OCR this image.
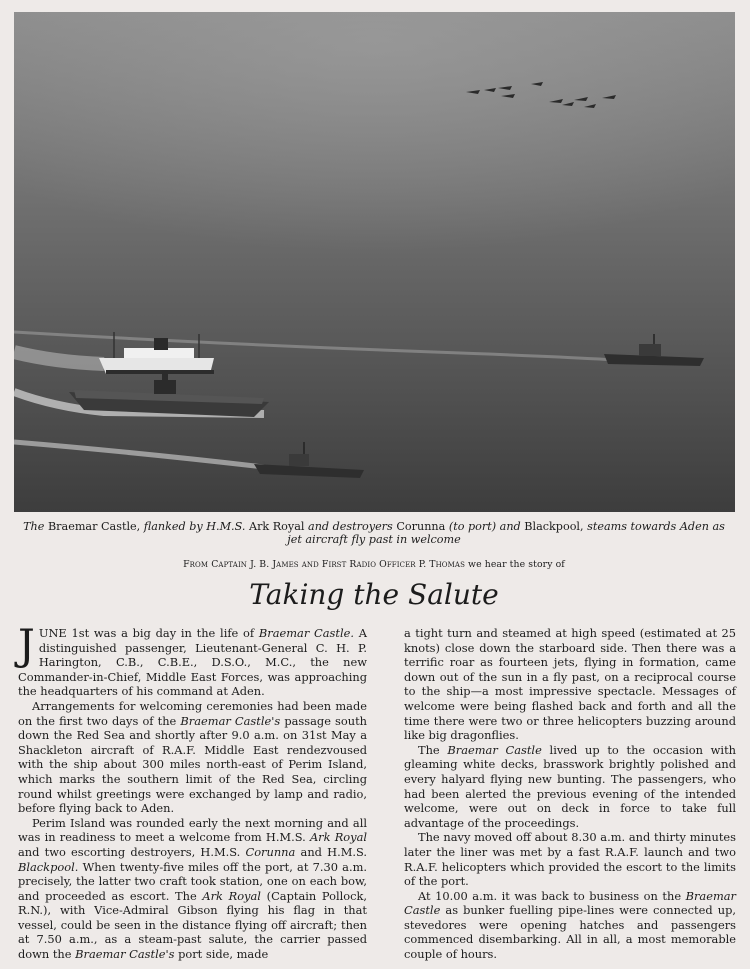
The Braemar Castle, flanked by H.M.S. Ark Royal and destroyers Corunna (to port) and Blackpool, steams towards Aden as jet aircraft fly past in welcome
From Captain J. B. James and First Radio Officer P. Thomas we hear the story of
Taking the Salute

JUNE 1st was a big day in the life of Braemar Castle. A distinguished passenger, Lieutenant-General C. H. P. Harington, C.B., C.B.E., D.S.O., M.C., the new Commander-in-Chief, Middle East Forces, was approaching the headquarters of his command at Aden.

Arrangements for welcoming ceremonies had been made on the first two days of the Braemar Castle's passage south down the Red Sea and shortly after 9.0 a.m. on 31st May a Shackleton aircraft of R.A.F. Middle East rendezvoused with the ship about 300 miles north-east of Perim Island, which marks the southern limit of the Red Sea, circling round whilst greetings were exchanged by lamp and radio, before flying back to Aden.

Perim Island was rounded early the next morning and all was in readiness to meet a welcome from H.M.S. Ark Royal and two escorting destroyers, H.M.S. Corunna and H.M.S. Blackpool. When twenty-five miles off the port, at 7.30 a.m. precisely, the latter two craft took station, one on each bow, and proceeded as escort. The Ark Royal (Captain Pollock, R.N.), with Vice-Admiral Gibson flying his flag in that vessel, could be seen in the distance flying off aircraft; then at 7.50 a.m., as a steam-past salute, the carrier passed down the Braemar Castle's port side, made

a tight turn and steamed at high speed (estimated at 25 knots) close down the starboard side. Then there was a terrific roar as fourteen jets, flying in formation, came down out of the sun in a fly past, on a reciprocal course to the ship—a most impressive spectacle. Messages of welcome were being flashed back and forth and all the time there were two or three helicopters buzzing around like big dragonflies.

The Braemar Castle lived up to the occasion with gleaming white decks, brasswork brightly polished and every halyard flying new bunting. The passengers, who had been alerted the previous evening of the intended welcome, were out on deck in force to take full advantage of the proceedings.

The navy moved off about 8.30 a.m. and thirty minutes later the liner was met by a fast R.A.F. launch and two R.A.F. helicopters which provided the escort to the limits of the port.

At 10.00 a.m. it was back to business on the Braemar Castle as bunker fuelling pipe-lines were connected up, stevedores were opening hatches and passengers commenced disembarking. All in all, a most memorable couple of hours.
